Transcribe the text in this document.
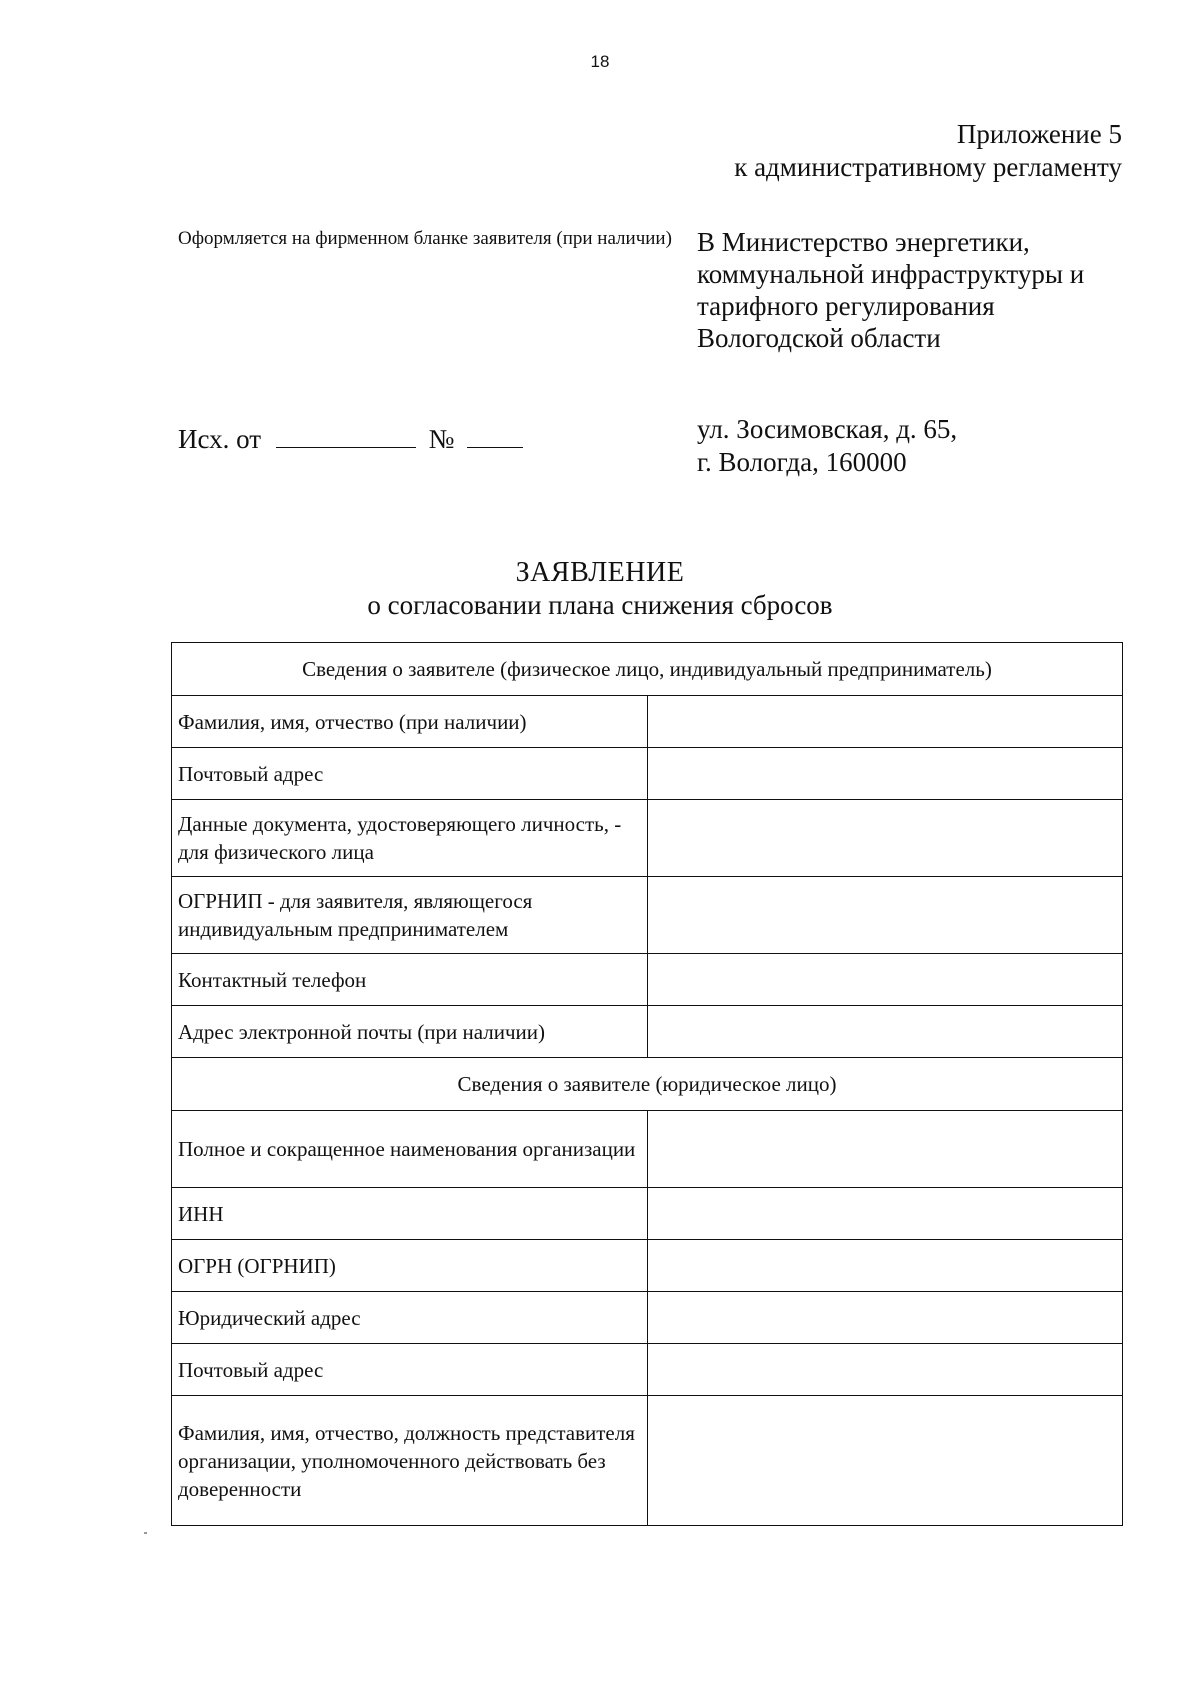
18
Приложение 5
к административному регламенту
Оформляется на фирменном бланке заявителя (при наличии) В Министерство энергетики,
коммунальной инфраструктуры и
тарифного регулирования
Вологодской области
Исх. от	№	ул. Зосимовская, д. 65,
г. Вологда, 160000
ЗАЯВЛЕНИЕ
о согласовании плана снижения сбросов
Сведения о заявителе (физическое лицо, индивидуальный предприниматель)	
Фамилия, имя, отчество (при наличии)	
Почтовый адрес	
Данные документа, удостоверяющего личность, - для физического лица	
ОГРНИП - для заявителя, являющегося индивидуальным предпринимателем	
Контактный телефон	
Адрес электронной почты (при наличии)	
Сведения о заявителе (юридическое лицо)	
Полное и сокращенное наименования организации	
ИНН	
ОГРН (ОГРНИП)	
Юридический адрес	
Почтовый адрес	
Фамилия, имя, отчество, должность представителя организации, уполномоченного действовать без доверенности	
